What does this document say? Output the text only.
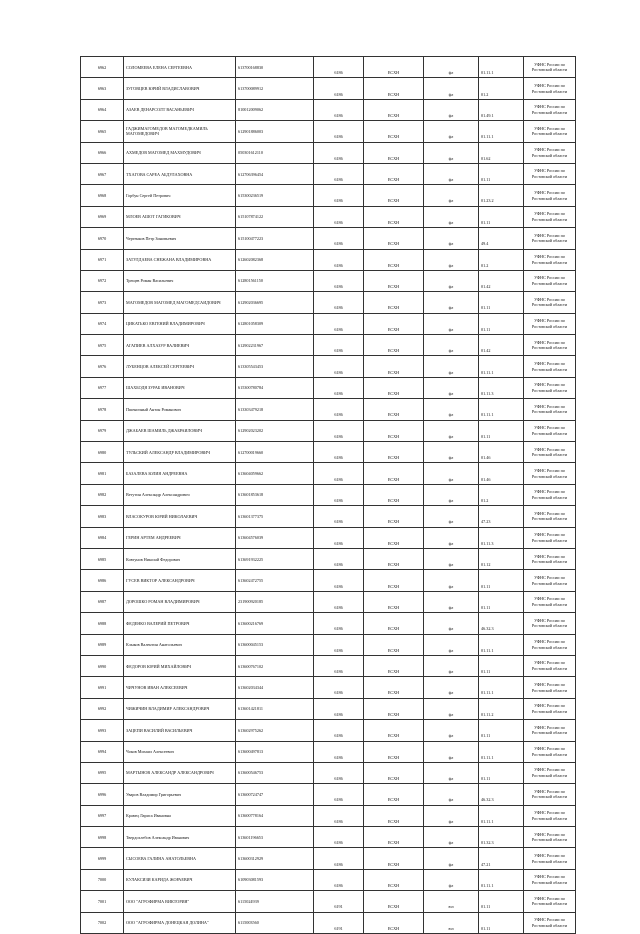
6962	СОЛОМЕЕВА ЕЛЕНА СЕРГЕЕВНА	613700168830	6186	ЕСХН	фл	01.11.1	УФНС России по Ростовской области
6963	ЗУГОВЦЕВ ЮРИЙ ВЛАДИСЛАВОВИЧ	613700089912	6186	ЕСХН	фл	01.2	УФНС России по Ростовской области
6964	АЗАЕВ ДЕНАРСОЛТ ВАСАНЬЕВИЧ	810012009062	6186	ЕСХН	фл	01.49.1	УФНС России по Ростовской области
6965	ГАДЖИМАГОМЕДОВ МАГОМЕДКАМИЛЬ МАГОМЕДОВИЧ	612901886003	6186	ЕСХН	фл	01.11.1	УФНС России по Ростовской области
6966	АХМЕДОВ МАГОМЕД МАХМУДОВИЧ	050301612110	6186	ЕСХН	фл	01.62	УФНС России по Ростовской области
6967	ТХАГОВА САРЕА АБДУЛАХОВНА	612706396454	6186	ЕСХН	фл	01.11	УФНС России по Ростовской области
6968	Горбун Сергей Петрович	615300236519	6186	ЕСХН	фл	01.23.2	УФНС России по Ростовской области
6969	МЛОЕВ АШОТ ГАГИКОВИЧ	615107874122	6186	ЕСХН	фл	01.11	УФНС России по Ростовской области
6970	Чертенков Петр Зиновьевич	615100477223	6186	ЕСХН	фл	49.4	УФНС России по Ростовской области
6971	ЗАТУЛДАЕВА СНЕЖАНА ВЛАДИМИРОВНА	612602082368	6186	ЕСХН	фл	01.2	УФНС России по Ростовской области
6972	Трещев Роман Васильевич	612801561150	6186	ЕСХН	фл	01.42	УФНС России по Ростовской области
6973	МАГОМЕДОВ МАГОМЕД МАГОМЕДСАИДОВИЧ	612902036695	6186	ЕСХН	фл	01.11	УФНС России по Ростовской области
6974	ЦИКАТЬКО ЕВГЕНИЙ ВЛАДИМИРОВИЧ	612801058309	6186	ЕСХН	фл	01.11	УФНС России по Ростовской области
6975	АГАПИЕВ АЛХАЗУР ВАЛИЕВИЧ	612902231967	6186	ЕСХН	фл	01.42	УФНС России по Ростовской области
6976	ЛУБЕНЦОВ АЛЕКСЕЙ СЕРГЕЕВИЧ	613305543453	6186	ЕСХН	фл	01.11.1	УФНС России по Ростовской области
6977	ШАХБОДЯ ЗУРАБ ИВАНОВИЧ	615300780784	6186	ЕСХН	фл	01.11.3	УФНС России по Ростовской области
6978	Пшеничный Антон Романович	613303479218	6186	ЕСХН	фл	01.11.1	УФНС России по Ростовской области
6979	ДЖАБАЕВ ШАМИЛЬ ДЖАБРАИЛОВИЧ	612902023202	6186	ЕСХН	фл	01.11	УФНС России по Ростовской области
6980	ТУЛЬСКИЙ АЛЕКСАНДР ВЛАДИМИРОВИЧ	612700019660	6186	ЕСХН	фл	01.46	УФНС России по Ростовской области
6981	БАЗАЛЕВА ЮЛИЯ АНДРЕЕВНА	613604059662	6186	ЕСХН	фл	01.46	УФНС России по Ростовской области
6982	Ветутин Александр Александрович	613601853618	6186	ЕСХН	фл	01.2	УФНС России по Ростовской области
6983	ВЛАСОКУРОВ ЮРИЙ НИКОЛАЕВИЧ	613601377375	6186	ЕСХН	фл	47.23	УФНС России по Ростовской области
6984	ГЕРИН АРТЕМ АНДРЕЕВИЧ	613604576039	6186	ЕСХН	фл	01.11.3	УФНС России по Ростовской области
6985	Ковтунов Николай Федорович	613691932225	6186	ЕСХН	фл	01.12	УФНС России по Ростовской области
6986	ГУСЕВ ВИКТОР АЛЕКСАНДРОВИЧ	613602472755	6186	ЕСХН	фл	01.11	УФНС России по Ростовской области
6987	ДОРОШКО РОМАН ВЛАДИМИРОВИЧ	231900920185	6186	ЕСХН	фл	01.11	УФНС России по Ростовской области
6988	ФЕДЕНКО ВАЛЕРИЙ ПЕТРОВИЧ	613600216769	6186	ЕСХН	фл	46.32.3	УФНС России по Ростовской области
6989	Клыков Валентин Анатольевич	613600045153	6186	ЕСХН	фл	01.11.1	УФНС России по Ростовской области
6990	ФЕДОРОВ ЮРИЙ МИХАЙЛОВИЧ	613600767102	6186	ЕСХН	фл	01.11	УФНС России по Ростовской области
6991	ЧИЧУНОВ ИВАН АЛЕКСЕЕВИЧ	613602034344	6186	ЕСХН	фл	01.11.1	УФНС России по Ростовской области
6992	ЧИЖИЧИН ВЛАДИМИР АЛЕКСАНДРОВИЧ	613601421811	6186	ЕСХН	фл	01.11.2	УФНС России по Ростовской области
6993	ЗАЦЕПИ ВАСИЛИЙ ВАСИЛЬЕВИЧ	613602975262	6186	ЕСХН	фл	01.11	УФНС России по Ростовской области
6994	Чоков Михаил Алексеевич	613600497813	6186	ЕСХН	фл	01.11.1	УФНС России по Ростовской области
6995	МАРТЫНОВ АЛЕКСАНДР АЛЕКСАНДРОВИЧ	613600546753	6186	ЕСХН	фл	01.11	УФНС России по Ростовской области
6996	Уваров Владимир Григорьевич	613600724747	6186	ЕСХН	фл	46.32.3	УФНС России по Ростовской области
6997	Кравец Лариса Ивановна	613600778164	6186	ЕСХН	фл	01.11.1	УФНС России по Ростовской области
6998	Твердохлебов Александр Иванович	613601196653	6186	ЕСХН	фл	01.32.3	УФНС России по Ростовской области
6999	СЫСОЕВА ГАЛИНА АНАТОЛЬЕВНА	613600312929	6186	ЕСХН	фл	47.21	УФНС России по Ростовской области
7000	КУЛАКСИЗИ КАРИДА ЖОРАЕВИЧ	610903081593	6186	ЕСХН	фл	01.11.1	УФНС России по Ростовской области
7001	ООО "АГРОФИРМА ВИКТОРИЯ"	6115024939	6191	ЕСХН	юл	01.11	УФНС России по Ростовской области
7002	ООО "АГРОФИРМА ДОНЕЦКАЯ ДОЛИНА"	6115003560	6191	ЕСХН	юл	01.11	УФНС России по Ростовской области
